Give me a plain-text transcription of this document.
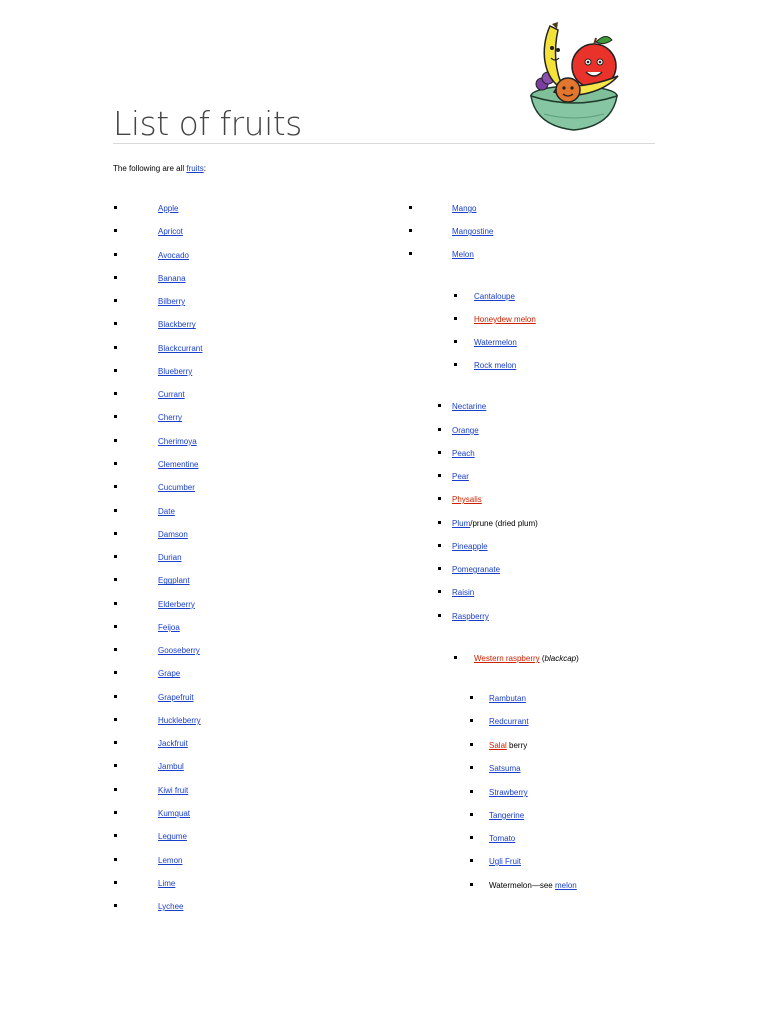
List of fruits
The following are all fruits:
Apple
Apricot
Avocado
Banana
Bilberry
Blackberry
Blackcurrant
Blueberry
Currant
Cherry
Cherimoya
Clementine
Cucumber
Date
Damson
Durian
Eggplant
Elderberry
Feijoa
Gooseberry
Grape
Grapefruit
Huckleberry
Jackfruit
Jambul
Kiwi fruit
Kumquat
Legume
Lemon
Lime
Lychee
Mango
Mangostine
Melon
Cantaloupe
Honeydew melon
Watermelon
Rock melon
Nectarine
Orange
Peach
Pear
Physalis
Plum/prune (dried plum)
Pineapple
Pomegranate
Raisin
Raspberry
Western raspberry (blackcap)
Rambutan
Redcurrant
Salal berry
Satsuma
Strawberry
Tangerine
Tomato
Ugli Fruit
Watermelon—see melon
